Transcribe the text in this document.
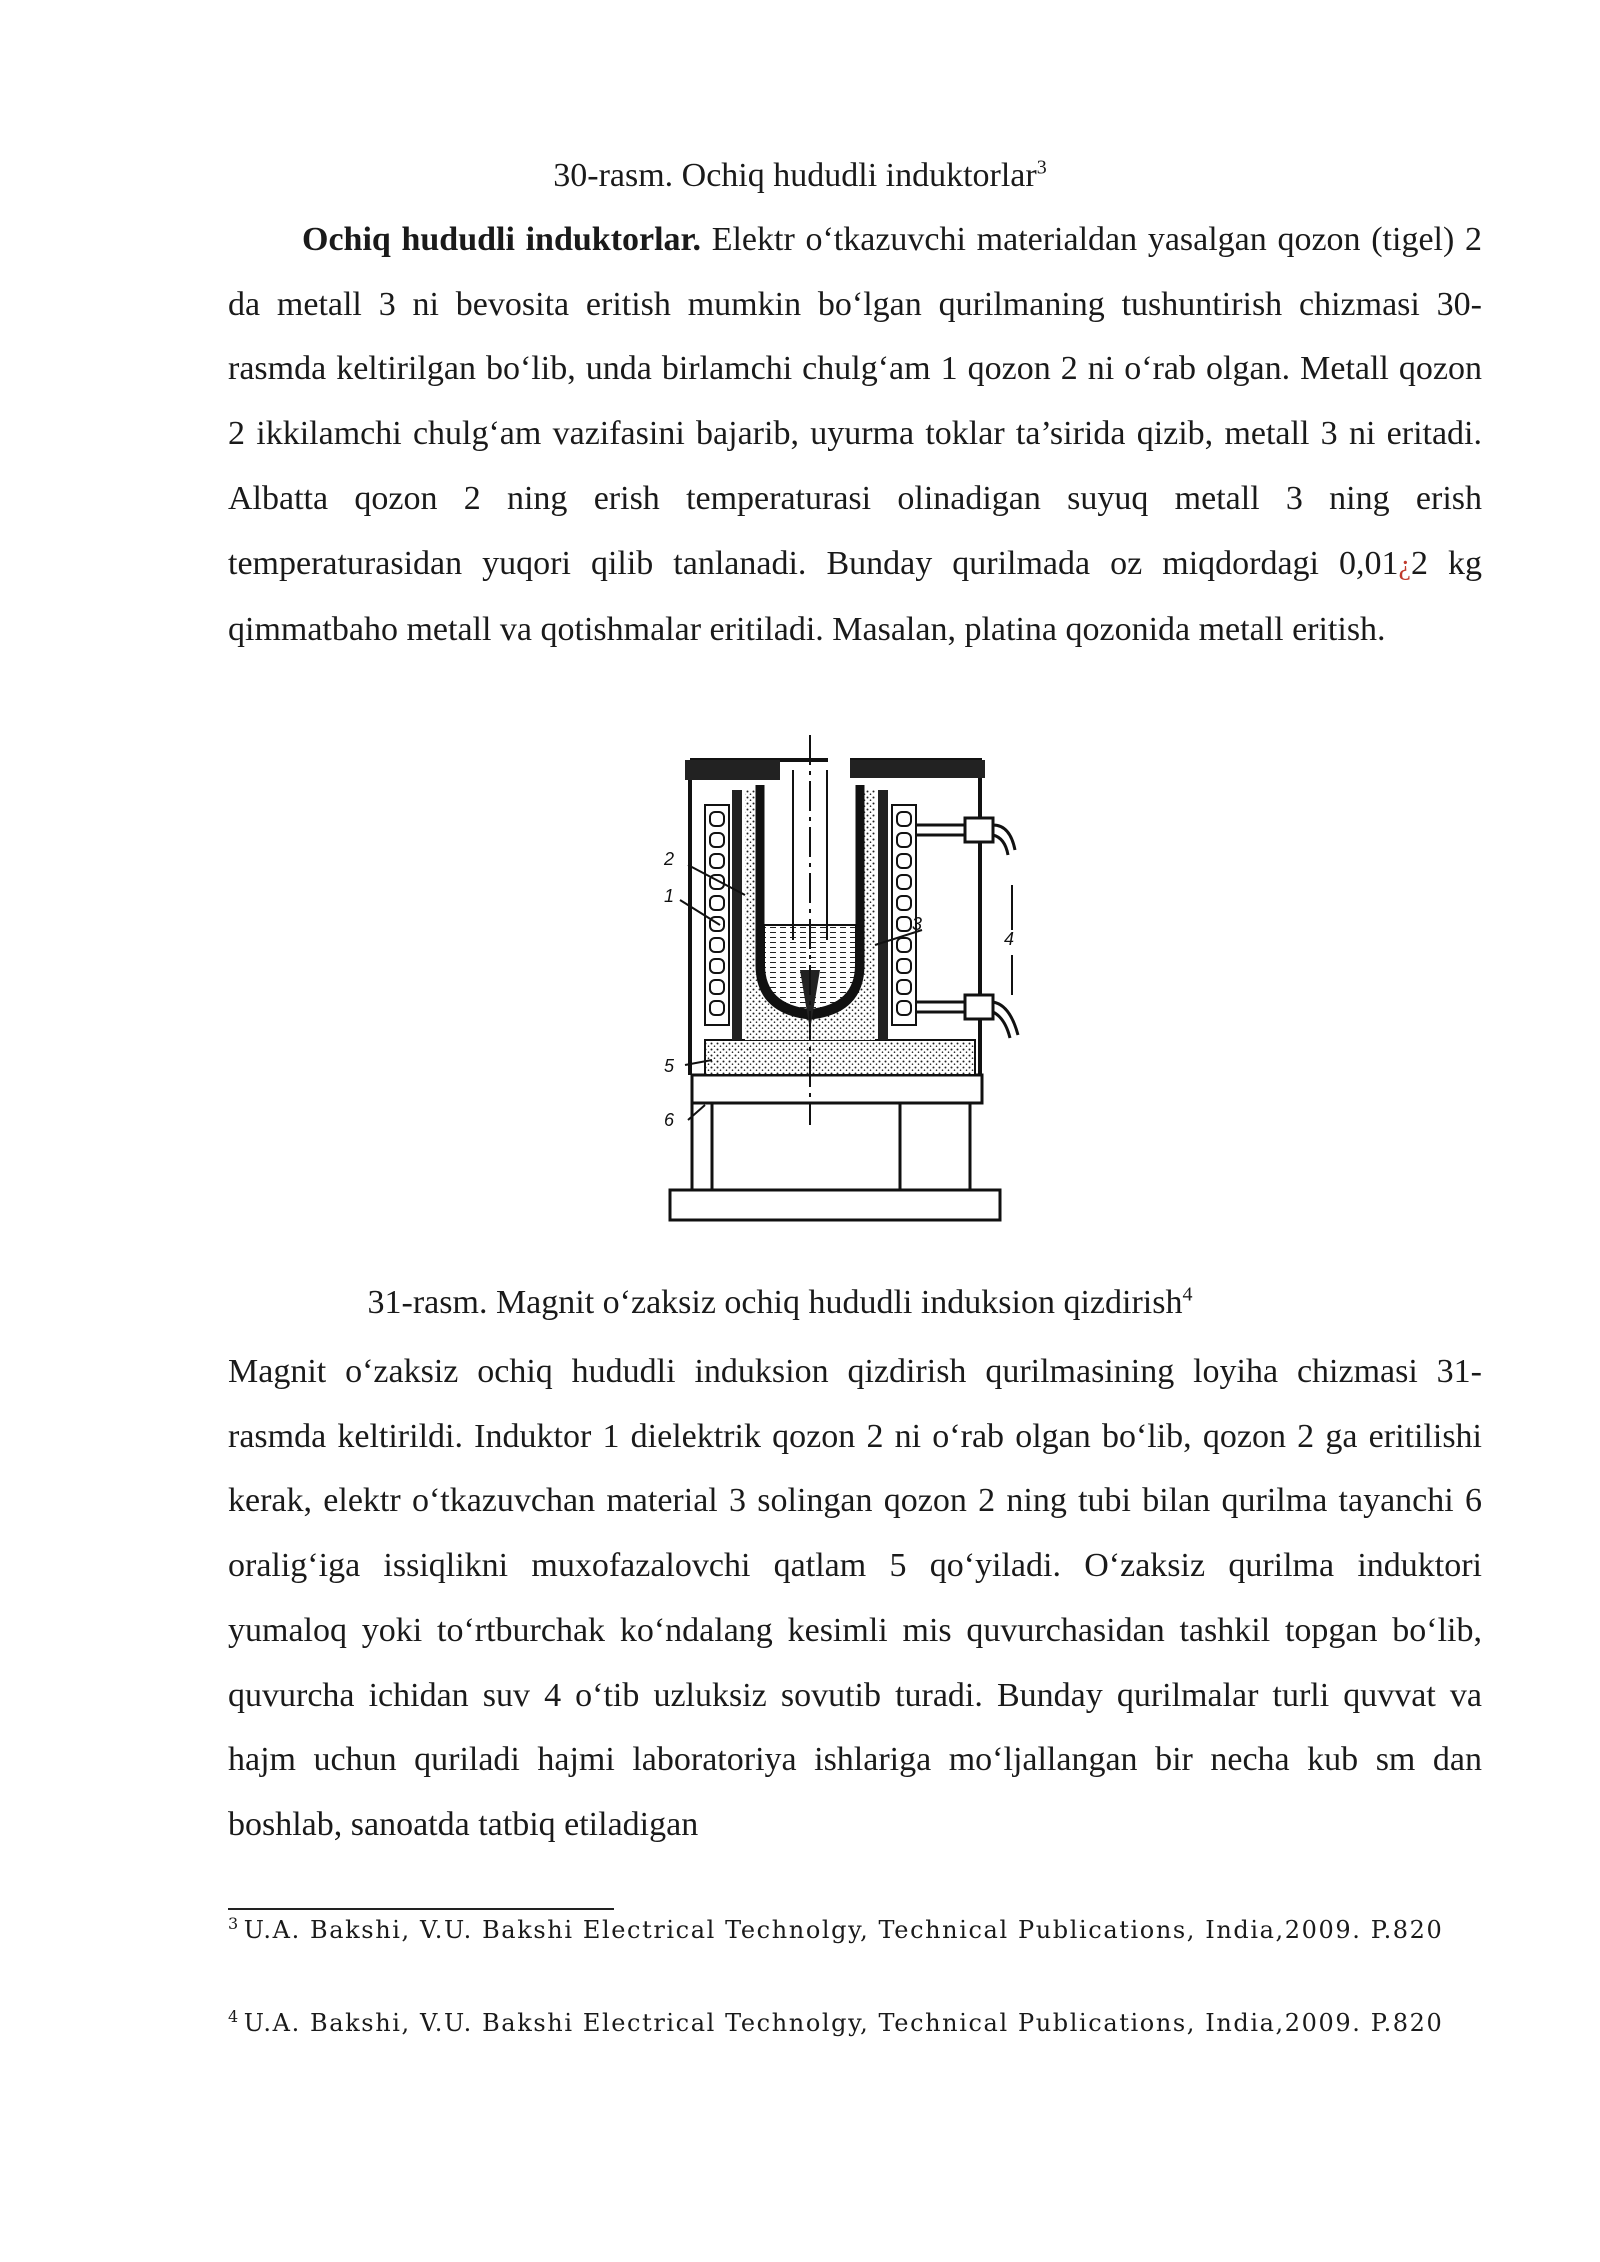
30-rasm. Ochiq hududli induktorlar$^3$

Ochiq hududli induktorlar. Elektr o‘tkazuvchi materialdan yasalgan qozon (tigel) 2 da metall 3 ni bevosita eritish mumkin bo‘lgan qurilmaning tushuntirish chizmasi 30-rasmda keltirilgan bo‘lib, unda birlamchi chulg‘am 1 qozon 2 ni o‘rab olgan. Metall qozon 2 ikkilamchi chulg‘am vazifasini bajarib, uyurma toklar ta’sirida qizib, metall 3 ni eritadi. Albatta qozon 2 ning erish temperaturasi olinadigan suyuq metall 3 ning erish temperaturasidan yuqori qilib tanlanadi. Bunday qurilmada oz miqdordagi 0,01¿2 kg qimmatbaho metall va qotishmalar eritiladi. Masalan, platina qozonida metall eritish.

2
1
3
4
5
6
31-rasm. Magnit o‘zaksiz ochiq hududli induksion qizdirish$^4$

Magnit o‘zaksiz ochiq hududli induksion qizdirish qurilmasining loyiha chizmasi 31-rasmda keltirildi. Induktor 1 dielektrik qozon 2 ni o‘rab olgan bo‘lib, qozon 2 ga eritilishi kerak, elektr o‘tkazuvchan material 3 solingan qozon 2 ning tubi bilan qurilma tayanchi 6 oralig‘iga issiqlikni muxofazalovchi qatlam 5 qo‘yiladi. O‘zaksiz qurilma induktori yumaloq yoki to‘rtburchak ko‘ndalang kesimli mis quvurchasidan tashkil topgan bo‘lib, quvurcha ichidan suv 4 o‘tib uzluksiz sovutib turadi. Bunday qurilmalar turli quvvat va hajm uchun quriladi hajmi laboratoriya ishlariga mo‘ljallangan bir necha kub sm dan boshlab, sanoatda tatbiq etiladigan

$^3$ U.A. Bakshi, V.U. Bakshi Electrical Technolgy, Technical Publications, India,2009. P.820
$^4$ U.A. Bakshi, V.U. Bakshi Electrical Technolgy, Technical Publications, India,2009. P.820
